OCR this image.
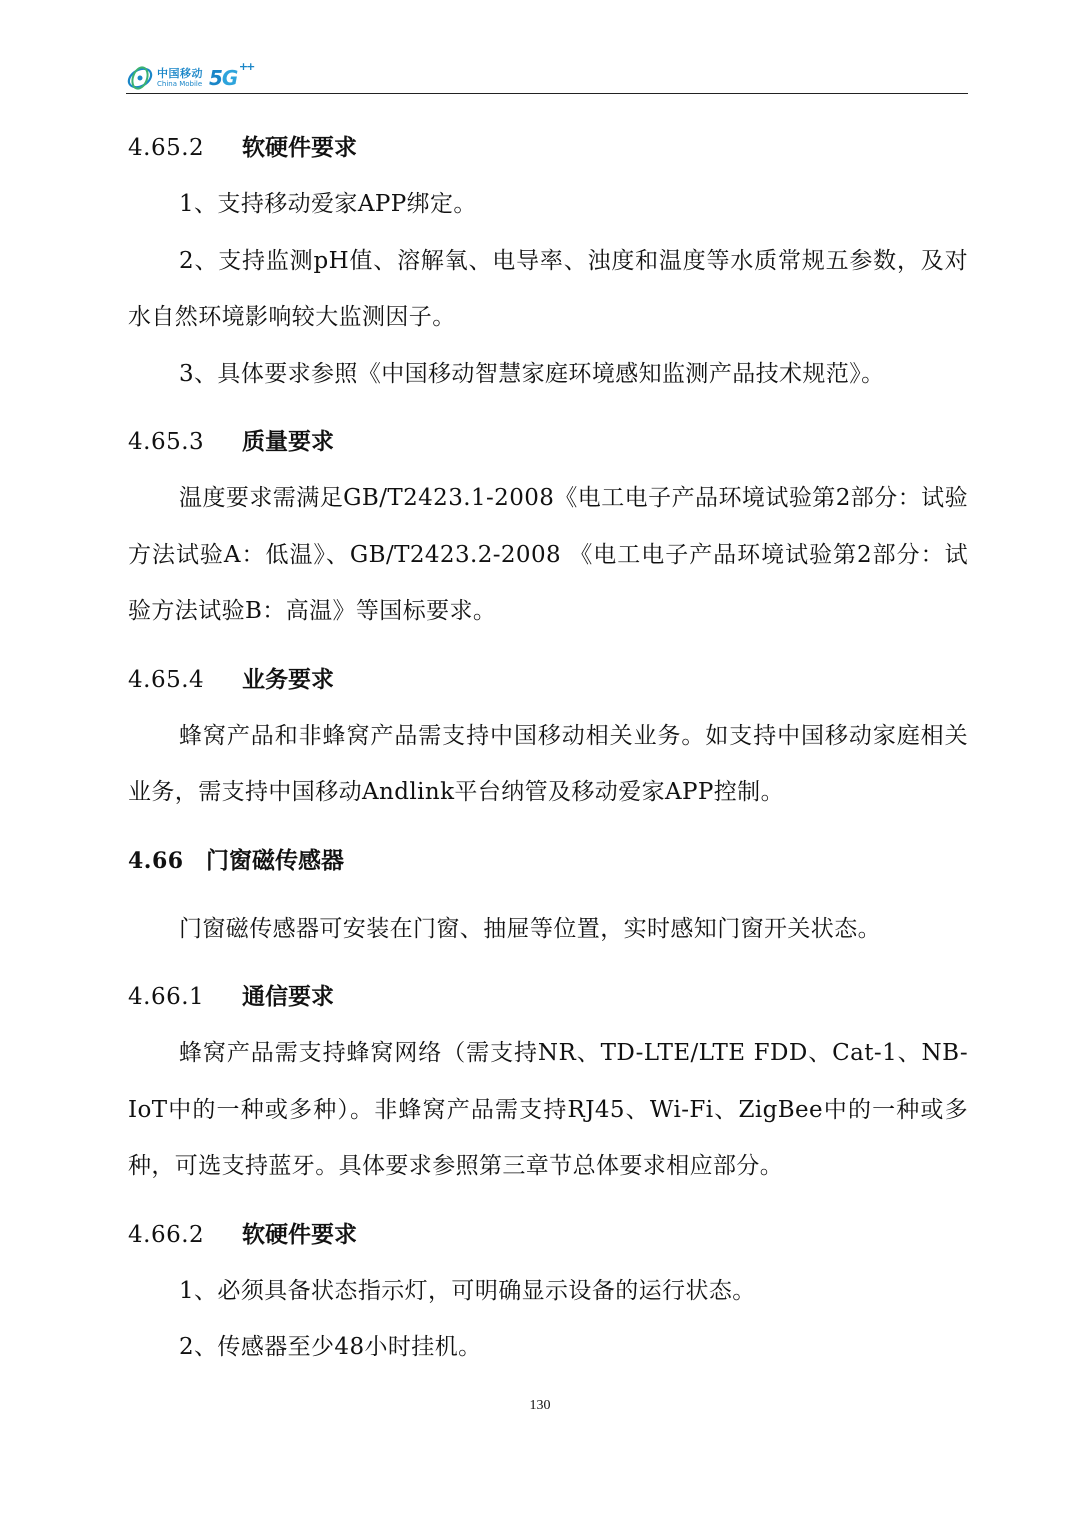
中国移动
China Mobile 5G ++
4.65.2	软硬件要求

1、支持移动爱家APP绑定。

2、支持监测pH值、溶解氧、电导率、浊度和温度等水质常规五参数，及对水自然环境影响较大监测因子。

3、具体要求参照《中国移动智慧家庭环境感知监测产品技术规范》。

4.65.3	质量要求

温度要求需满足GB/T2423.1-2008《电工电子产品环境试验第2部分：试验方法试验A：低温》、GB/T2423.2-2008 《电工电子产品环境试验第2部分：试验方法试验B：高温》等国标要求。

4.65.4	业务要求

蜂窝产品和非蜂窝产品需支持中国移动相关业务。如支持中国移动家庭相关业务，需支持中国移动Andlink平台纳管及移动爱家APP控制。

4.66 门窗磁传感器

门窗磁传感器可安装在门窗、抽屉等位置，实时感知门窗开关状态。

4.66.1	通信要求

蜂窝产品需支持蜂窝网络（需支持NR、TD-LTE/LTE FDD、Cat-1、NB-IoT中的一种或多种）。非蜂窝产品需支持RJ45、Wi-Fi、ZigBee中的一种或多种，可选支持蓝牙。具体要求参照第三章节总体要求相应部分。

4.66.2	软硬件要求

1、必须具备状态指示灯，可明确显示设备的运行状态。

2、传感器至少48小时挂机。

130
